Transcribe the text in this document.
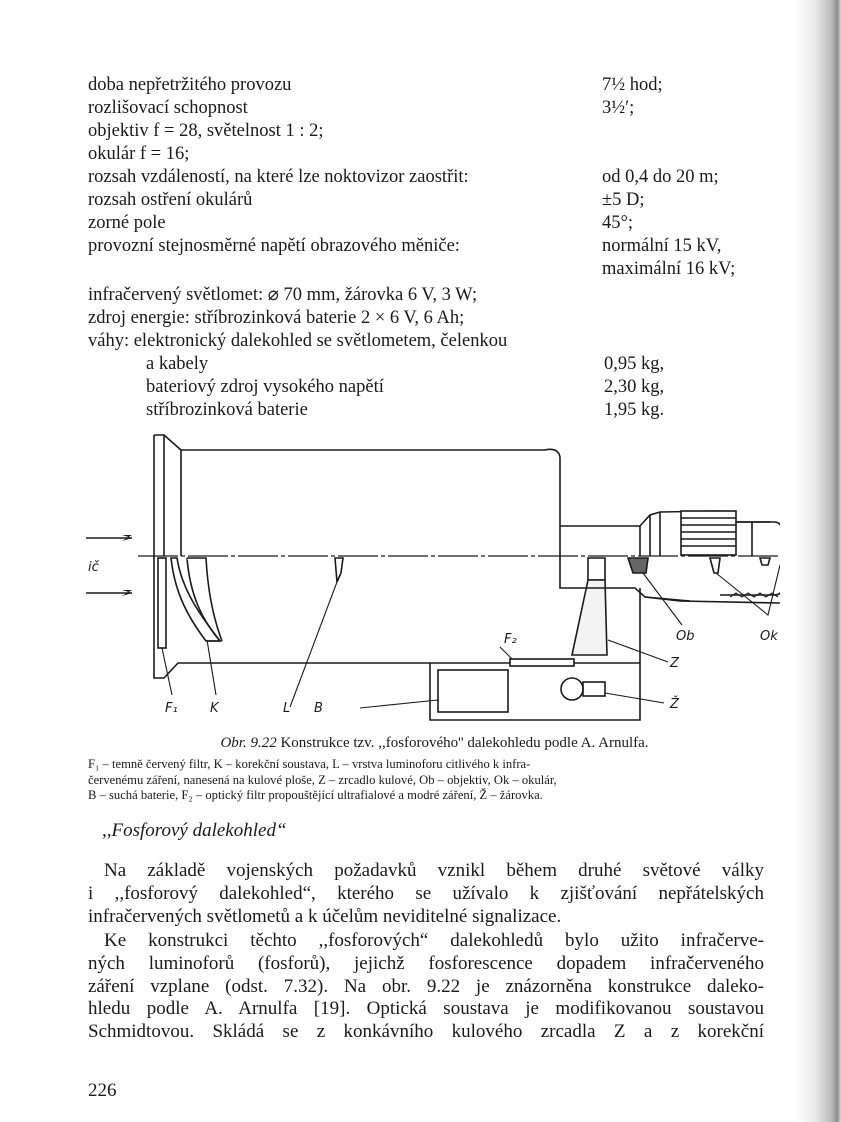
doba nepřetržitého provozu	7½ hod;
rozlišovací schopnost	3½′;
objektiv f = 28, světelnost 1 : 2;
okulár f = 16;
rozsah vzdáleností, na které lze noktovizor zaostřit:	od 0,4 do 20 m;
rozsah ostření okulárů	±5 D;
zorné pole	45°;
provozní stejnosměrné napětí obrazového měniče:	normální 15 kV,
maximální 16 kV;
infračervený světlomet: ⌀ 70 mm, žárovka 6 V, 3 W;
zdroj energie: stříbrozinková baterie 2 × 6 V, 6 Ah;
váhy: elektronický dalekohled se světlometem, čelenkou
a kabely	0,95 kg,
bateriový zdroj vysokého napětí	2,30 kg,
stříbrozinková baterie	1,95 kg.
ič
F₁ K	L B
F₂
Z
Ž
Ob	Ok
Obr. 9.22 Konstrukce tzv. ,,fosforového'' dalekohledu podle A. Arnulfa.
F₁ – temně červený filtr, K – korekční soustava, L – vrstva luminoforu citlivého k infra-
červenému záření, nanesená na kulové ploše, Z – zrcadlo kulové, Ob – objektiv, Ok – okulár,
B – suchá baterie, F₂ – optický filtr propouštějící ultrafialové a modré záření, Ž – žárovka.
,,Fosforový dalekohled“
Na základě vojenských požadavků vznikl během druhé světové války
i ,,fosforový dalekohled“, kterého se užívalo k zjišťování nepřátelských
infračervených světlometů a k účelům neviditelné signalizace.
Ke konstrukci těchto ,,fosforových“ dalekohledů bylo užito infračerve-
ných luminoforů (fosforů), jejichž fosforescence dopadem infračerveného
záření vzplane (odst. 7.32). Na obr. 9.22 je znázorněna konstrukce daleko-
hledu podle A. Arnulfa [19]. Optická soustava je modifikovanou soustavou
Schmidtovou. Skládá se z konkávního kulového zrcadla Z a z korekční
226
